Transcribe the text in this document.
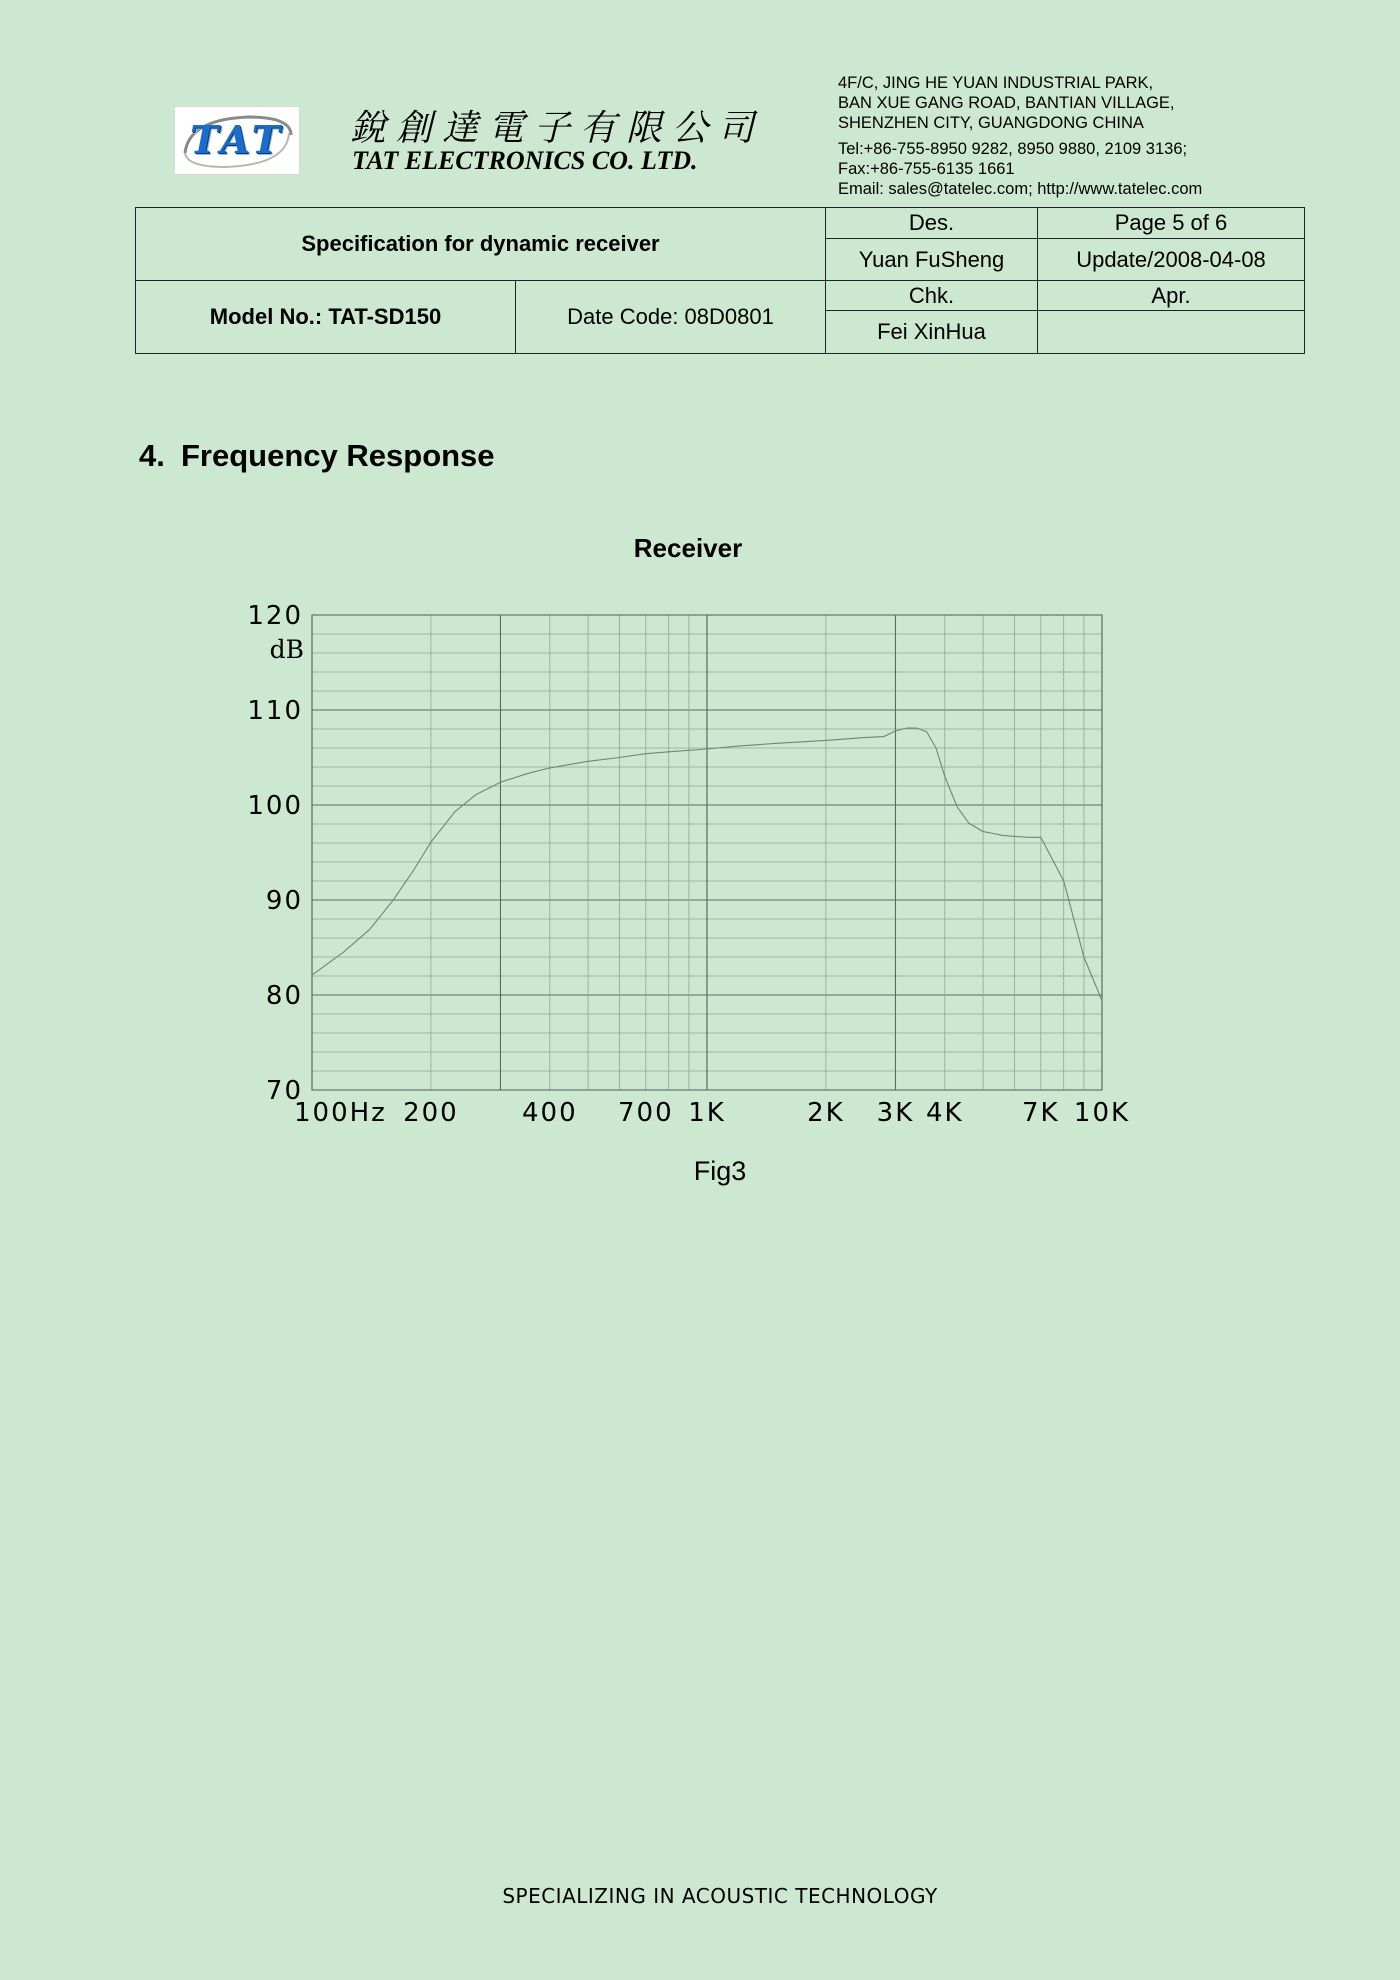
TAT	銳創達電子有限公司
TAT ELECTRONICS CO. LTD.
4F/C, JING HE YUAN INDUSTRIAL PARK,
BAN XUE GANG ROAD, BANTIAN VILLAGE,
SHENZHEN CITY, GUANGDONG CHINA
Tel:+86-755-8950 9282, 8950 9880, 2109 3136;
Fax:+86-755-6135 1661
Email: sales@tatelec.com; http://www.tatelec.com
Specification for dynamic receiver		Des.	Page 5 of 6
		Yuan FuSheng	Update/2008-04-08
Model No.: TAT-SD150	Date Code: 08D0801	Chk.	Apr.
		Fei XinHua	
4. Frequency Response
Receiver
120
110
100
90
80
70
100Hz 200 400 700 1K	2K 3K 4K 7K 10K
dB
Fig3
SPECIALIZING IN ACOUSTIC TECHNOLOGY
